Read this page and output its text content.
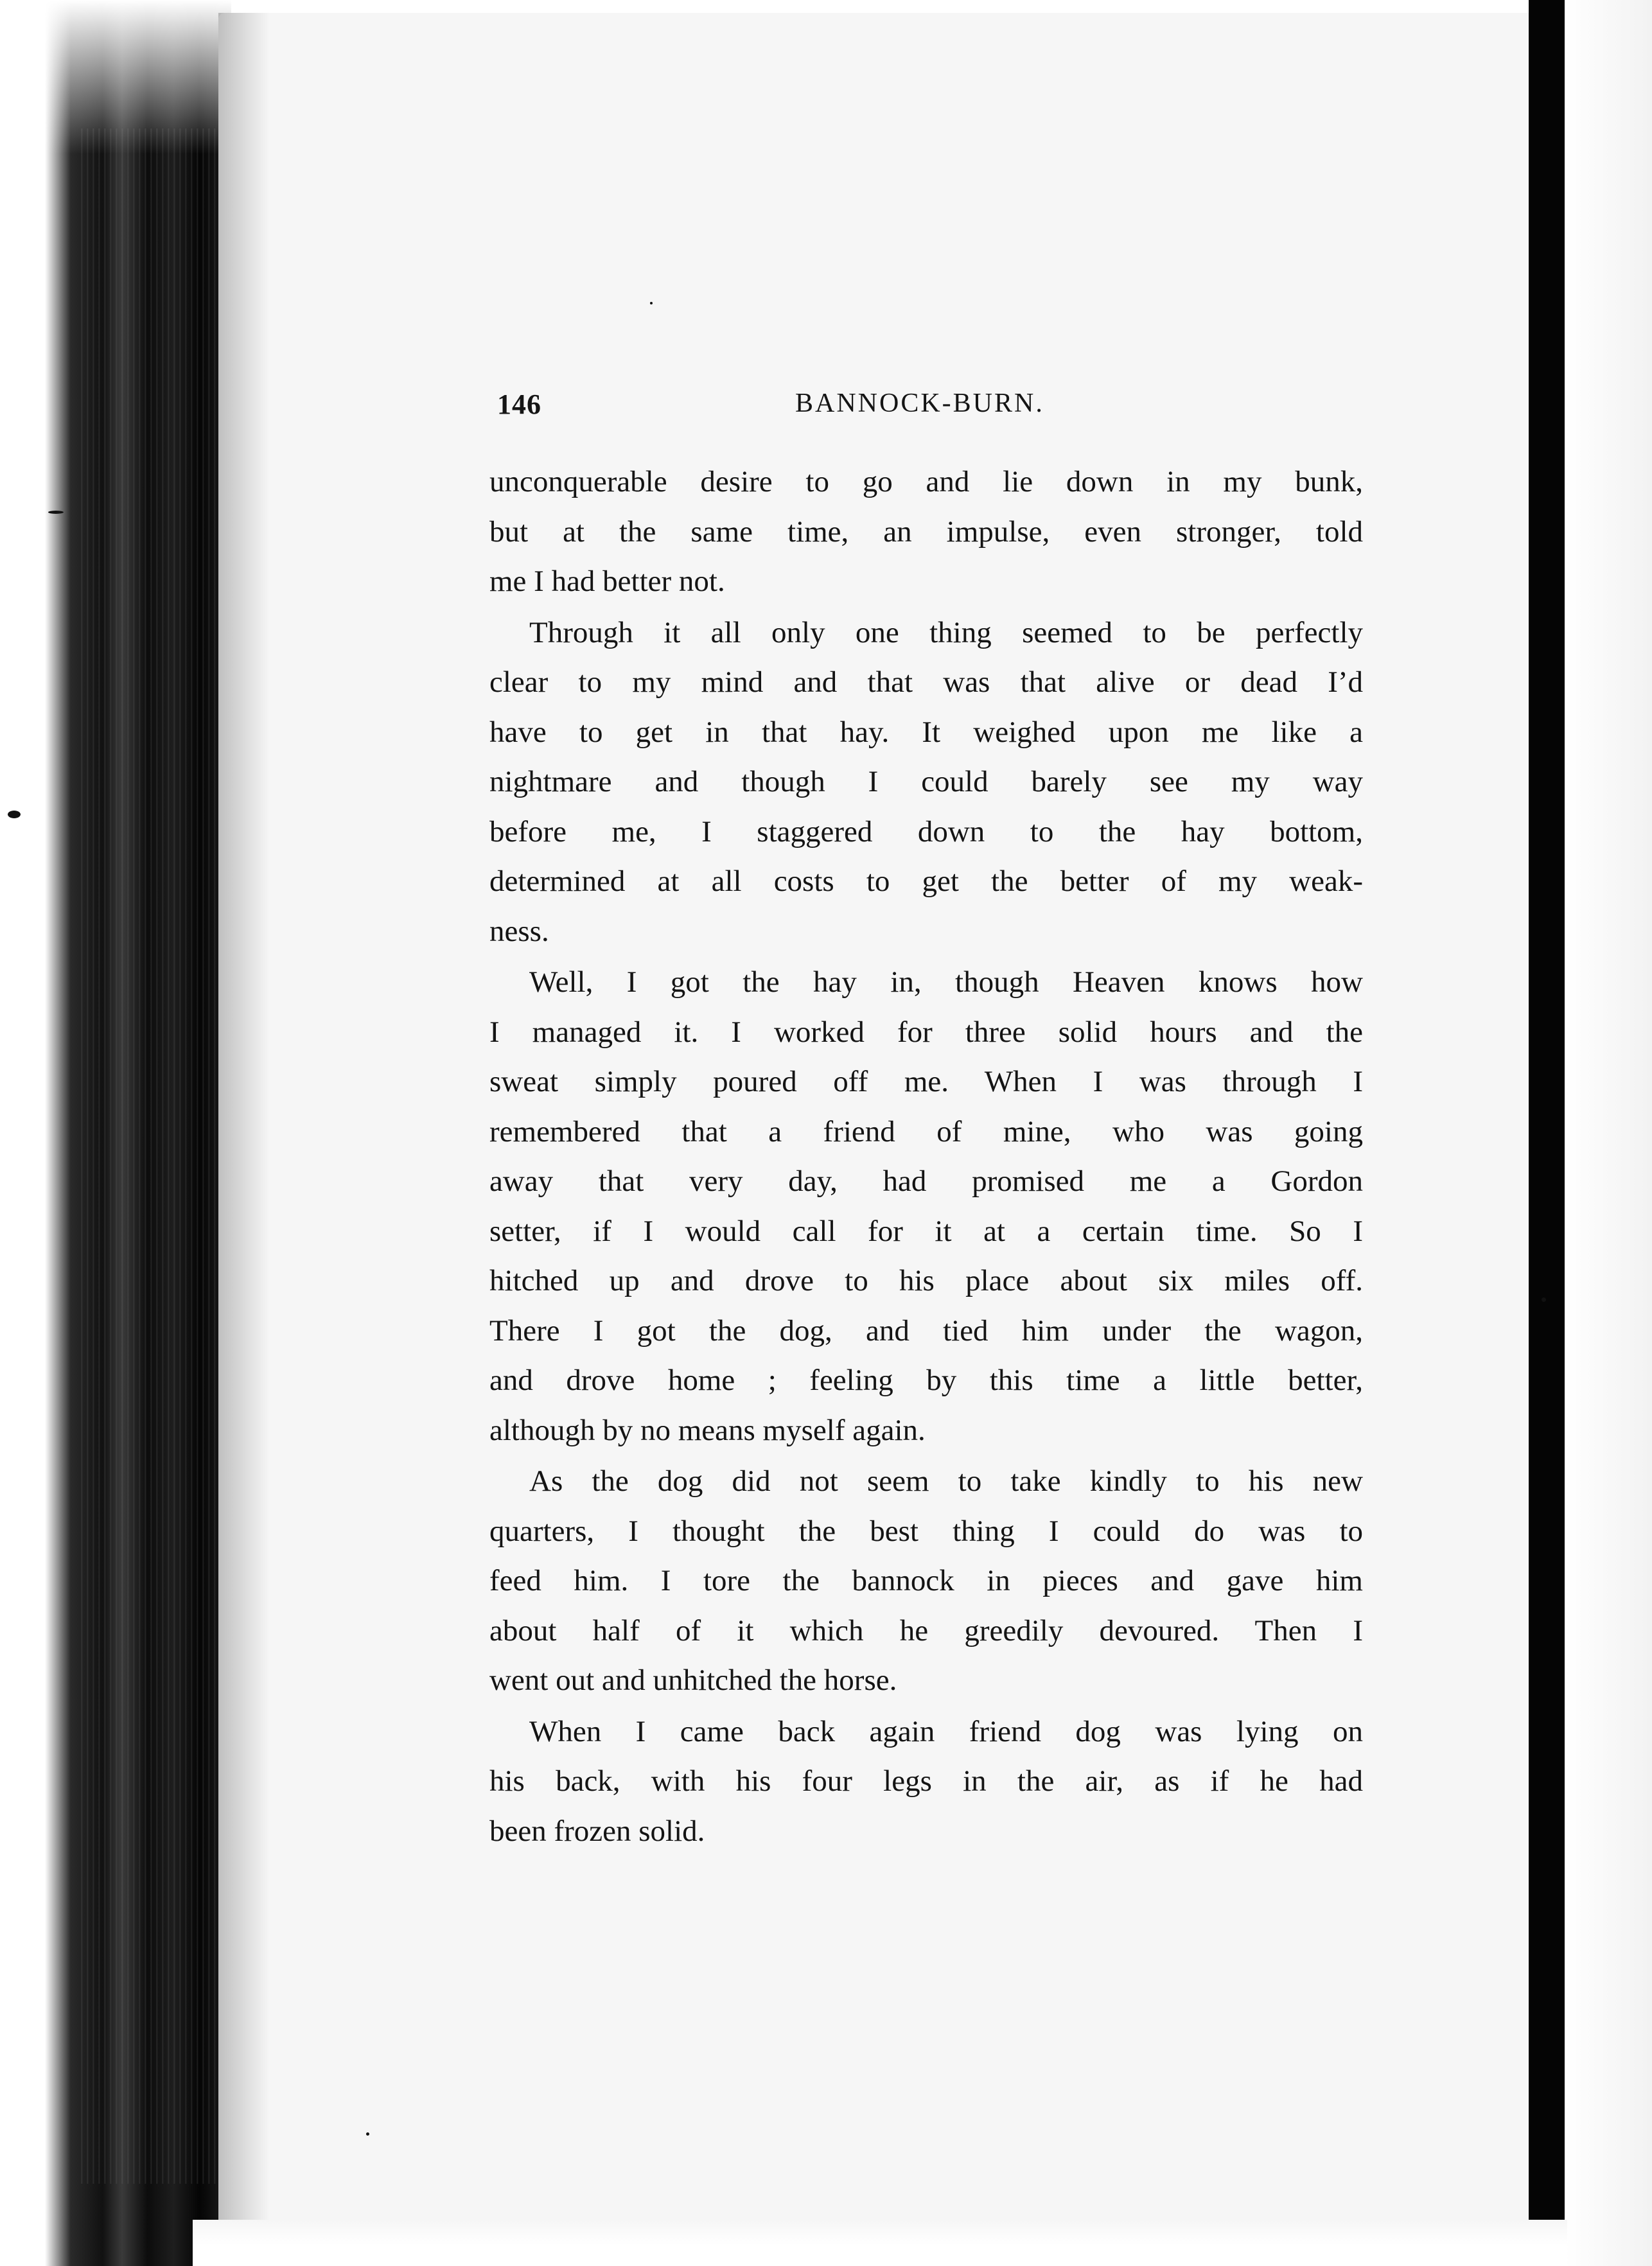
146	BANNOCK-BURN.
unconquerable desire to go and lie down in my bunk,
but at the same time, an impulse, even stronger, told
me I had better not.
Through it all only one thing seemed to be perfectly
clear to my mind and that was that alive or dead I’d
have to get in that hay. It weighed upon me like a
nightmare and though I could barely see my way
before me, I staggered down to the hay bottom,
determined at all costs to get the better of my weak-
ness.
Well, I got the hay in, though Heaven knows how
I managed it. I worked for three solid hours and the
sweat simply poured off me. When I was through I
remembered that a friend of mine, who was going
away that very day, had promised me a Gordon
setter, if I would call for it at a certain time. So I
hitched up and drove to his place about six miles off.
There I got the dog, and tied him under the wagon,
and drove home ; feeling by this time a little better,
although by no means myself again.
As the dog did not seem to take kindly to his new
quarters, I thought the best thing I could do was to
feed him. I tore the bannock in pieces and gave him
about half of it which he greedily devoured. Then I
went out and unhitched the horse.
When I came back again friend dog was lying on
his back, with his four legs in the air, as if he had
been frozen solid.
